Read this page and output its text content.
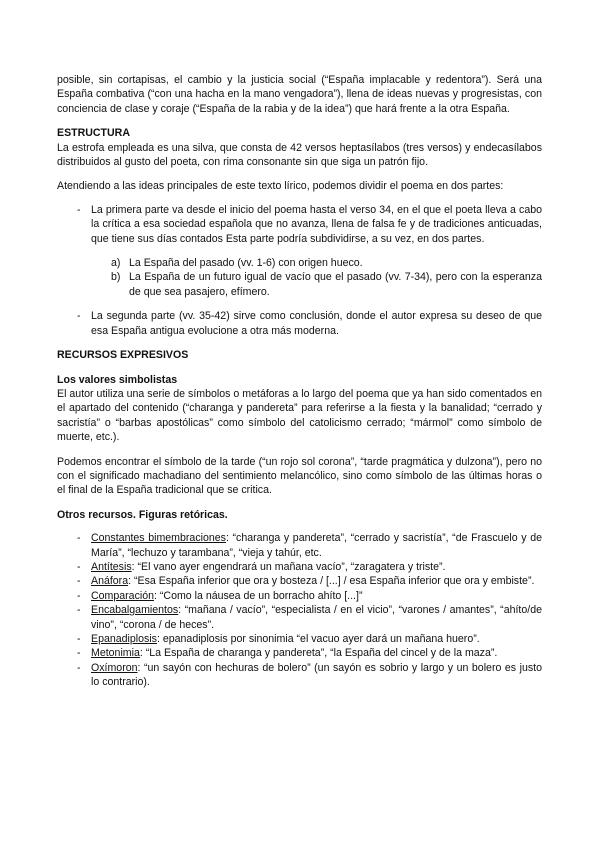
posible, sin cortapisas, el cambio y la justicia social (“España implacable y redentora”). Será una España combativa (“con una hacha en la mano vengadora”), llena de ideas nuevas y progresistas, con conciencia de clase y coraje (“España de la rabia y de la idea”) que hará frente a la otra España.

ESTRUCTURA

La estrofa empleada es una silva, que consta de 42 versos heptasílabos (tres versos) y endecasílabos distribuidos al gusto del poeta, con rima consonante sin que siga un patrón fijo.

Atendiendo a las ideas principales de este texto lírico, podemos dividir el poema en dos partes:

- La primera parte va desde el inicio del poema hasta el verso 34, en el que el poeta lleva a cabo la crítica a esa sociedad española que no avanza, llena de falsa fe y de tradiciones anticuadas, que tiene sus días contados Esta parte podría subdividirse, a su vez, en dos partes.
a) La España del pasado (vv. 1-6) con origen hueco.
b) La España de un futuro igual de vacío que el pasado (vv. 7-34), pero con la esperanza de que sea pasajero, efímero.
- La segunda parte (vv. 35-42) sirve como conclusión, donde el autor expresa su deseo de que esa España antigua evolucione a otra más moderna.
RECURSOS EXPRESIVOS
Los valores simbolistas

El autor utiliza una serie de símbolos o metáforas a lo largo del poema que ya han sido comentados en el apartado del contenido (“charanga y pandereta” para referirse a la fiesta y la banalidad; “cerrado y sacristía” o “barbas apostólicas” como símbolo del catolicismo cerrado; “mármol” como símbolo de muerte, etc.).

Podemos encontrar el símbolo de la tarde (“un rojo sol corona”, “tarde pragmática y dulzona”), pero no con el significado machadiano del sentimiento melancólico, sino como símbolo de las últimas horas o el final de la España tradicional que se critica.

Otros recursos. Figuras retóricas.
- Constantes bimembraciones: “charanga y pandereta”, “cerrado y sacristía”, “de Frascuelo y de María”, “lechuzo y tarambana”, “vieja y tahúr, etc.
- Antítesis: “El vano ayer engendrará un mañana vacío”, “zaragatera y triste”.
- Anáfora: “Esa España inferior que ora y bosteza / [...] / esa España inferior que ora y embiste”.
- Comparación: “Como la náusea de un borracho ahíto [...]”
- Encabalgamientos: “mañana / vacío”, “especialista / en el vicio”, “varones / amantes”, “ahíto/de vino”, “corona / de heces”.
- Epanadiplosis: epanadiplosis por sinonimia “el vacuo ayer dará un mañana huero”.
- Metonimia: “La España de charanga y pandereta”, “la España del cincel y de la maza”.
- Oxímoron: “un sayón con hechuras de bolero” (un sayón es sobrio y largo y un bolero es justo lo contrario).
